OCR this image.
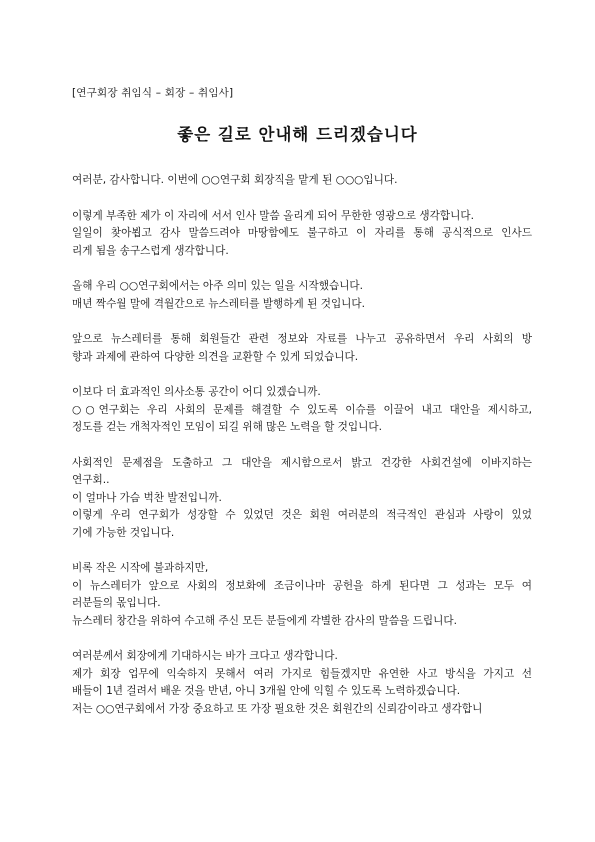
[연구회장 취임식 – 회장 – 취임사]
좋은 길로 안내해 드리겠습니다
여러분, 감사합니다. 이번에 ○○연구회 회장직을 맡게 된 ○○○입니다.
이렇게 부족한 제가 이 자리에 서서 인사 말씀 올리게 되어 무한한 영광으로 생각합니다.
일일이 찾아뵙고 감사 말씀드려야 마땅함에도 불구하고 이 자리를 통해 공식적으로 인사드
리게 됨을 송구스럽게 생각합니다.
올해 우리 ○○연구회에서는 아주 의미 있는 일을 시작했습니다.
매년 짝수월 말에 격월간으로 뉴스레터를 발행하게 된 것입니다.
앞으로 뉴스레터를 통해 회원들간 관련 정보와 자료를 나누고 공유하면서 우리 사회의 방
향과 과제에 관하여 다양한 의견을 교환할 수 있게 되었습니다.
이보다 더 효과적인 의사소통 공간이 어디 있겠습니까.
○○연구회는 우리 사회의 문제를 해결할 수 있도록 이슈를 이끌어 내고 대안을 제시하고,
정도를 걷는 개척자적인 모임이 되길 위해 많은 노력을 할 것입니다.
사회적인 문제점을 도출하고 그 대안을 제시함으로서 밝고 건강한 사회건설에 이바지하는
연구회..
이 얼마나 가슴 벅찬 발전입니까.
이렇게 우리 연구회가 성장할 수 있었던 것은 회원 여러분의 적극적인 관심과 사랑이 있었
기에 가능한 것입니다.
비록 작은 시작에 불과하지만,
이 뉴스레터가 앞으로 사회의 정보화에 조금이나마 공헌을 하게 된다면 그 성과는 모두 여
러분들의 몫입니다.
뉴스레터 창간을 위하여 수고해 주신 모든 분들에게 각별한 감사의 말씀을 드립니다.
여러분께서 회장에게 기대하시는 바가 크다고 생각합니다.
제가 회장 업무에 익숙하지 못해서 여러 가지로 힘들겠지만 유연한 사고 방식을 가지고 선
배들이 1년 걸려서 배운 것을 반년, 아니 3개월 안에 익힐 수 있도록 노력하겠습니다.
저는 ○○연구회에서 가장 중요하고 또 가장 필요한 것은 회원간의 신뢰감이라고 생각합니
